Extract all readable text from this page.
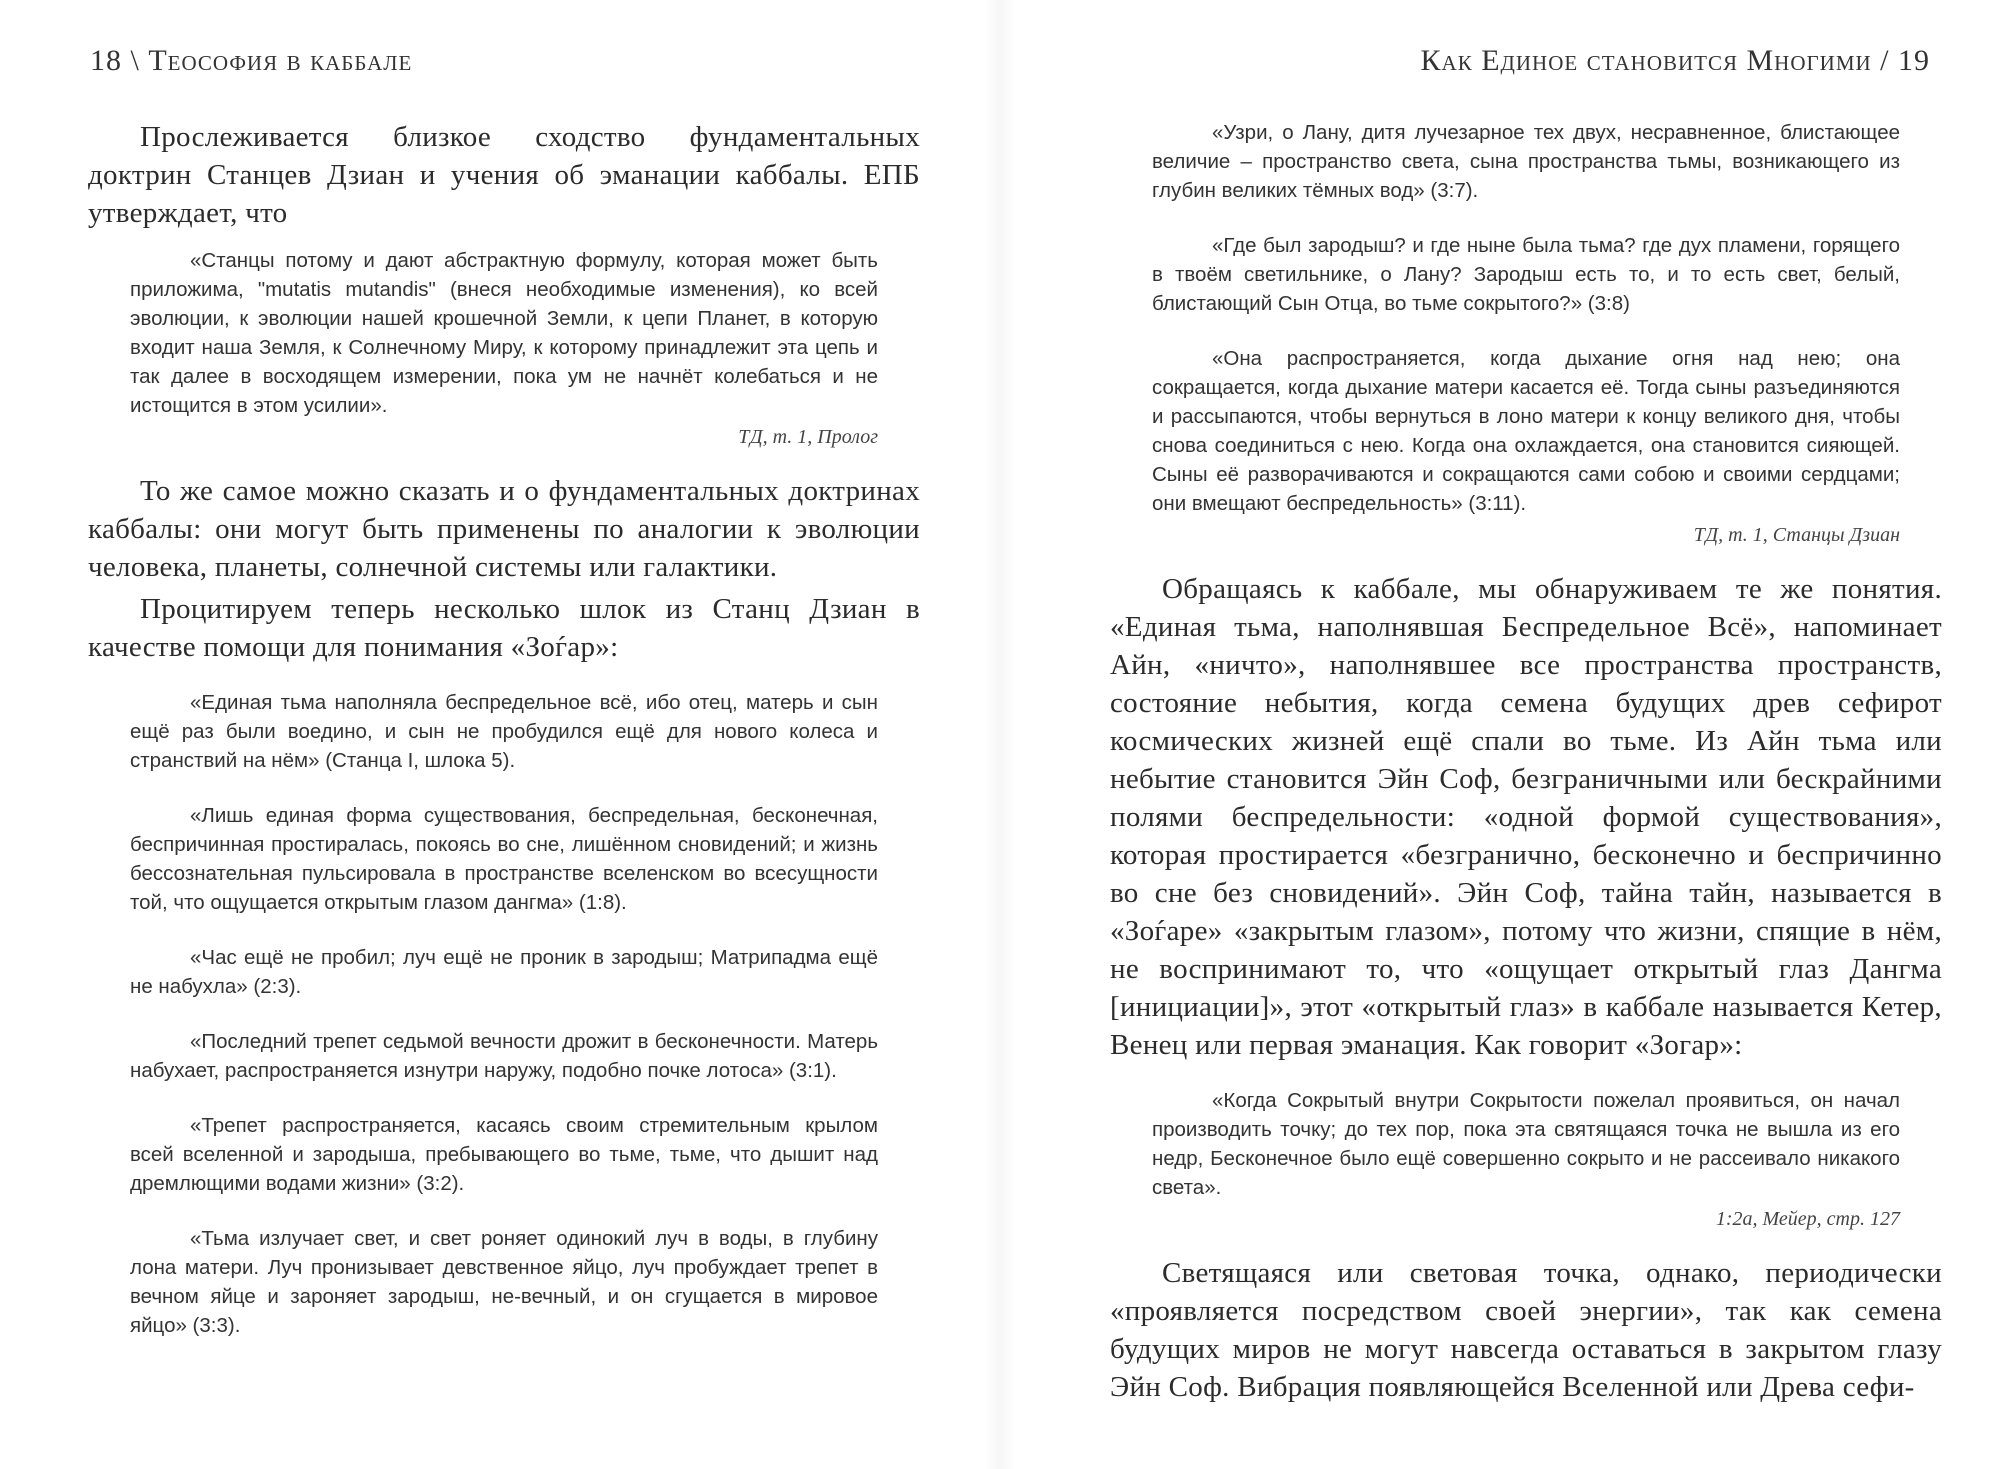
18 \ Теософия в каббале

Прослеживается близкое сходство фундаментальных доктрин Станцев Дзиан и учения об эманации каббалы. ЕПБ утверждает, что

«Станцы потому и дают абстрактную формулу, которая может быть приложима, "mutatis mutandis" (внеся необходимые изменения), ко всей эволюции, к эволюции нашей крошечной Земли, к цепи Планет, в которую входит наша Земля, к Солнечному Миру, к которому принадлежит эта цепь и так далее в восходящем измерении, пока ум не начнёт колебаться и не истощится в этом усилии».

ТД, т. 1, Пролог

То же самое можно сказать и о фундаментальных доктринах каббалы: они могут быть применены по аналогии к эволюции человека, планеты, солнечной системы или галактики.

Процитируем теперь несколько шлок из Станц Дзиан в качестве помощи для понимания «Зоѓар»:

«Единая тьма наполняла беспредельное всё, ибо отец, матерь и сын ещё раз были воедино, и сын не пробудился ещё для нового колеса и странствий на нём» (Станца I, шлока 5).

«Лишь единая форма существования, беспредельная, бесконечная, беспричинная простиралась, покоясь во сне, лишённом сновидений; и жизнь бессознательная пульсировала в пространстве вселенском во всесущности той, что ощущается открытым глазом дангма» (1:8).

«Час ещё не пробил; луч ещё не проник в зародыш; Матрипадма ещё не набухла» (2:3).

«Последний трепет седьмой вечности дрожит в бесконечности. Матерь набухает, распространяется изнутри наружу, подобно почке лотоса» (3:1).

«Трепет распространяется, касаясь своим стремительным крылом всей вселенной и зародыша, пребывающего во тьме, тьме, что дышит над дремлющими водами жизни» (3:2).

«Тьма излучает свет, и свет роняет одинокий луч в воды, в глубину лона матери. Луч пронизывает девственное яйцо, луч пробуждает трепет в вечном яйце и зароняет зародыш, не-вечный, и он сгущается в мировое яйцо» (3:3).

Как Единое становится Многими / 19

«Узри, о Лану, дитя лучезарное тех двух, несравненное, блистающее величие – пространство света, сына пространства тьмы, возникающего из глубин великих тёмных вод» (3:7).

«Где был зародыш? и где ныне была тьма? где дух пламени, горящего в твоём светильнике, о Лану? Зародыш есть то, и то есть свет, белый, блистающий Сын Отца, во тьме сокрытого?» (3:8)

«Она распространяется, когда дыхание огня над нею; она сокращается, когда дыхание матери касается её. Тогда сыны разъединяются и рассыпаются, чтобы вернуться в лоно матери к концу великого дня, чтобы снова соединиться с нею. Когда она охлаждается, она становится сияющей. Сыны её разворачиваются и сокращаются сами собою и своими сердцами; они вмещают беспредельность» (3:11).

ТД, т. 1, Станцы Дзиан

Обращаясь к каббале, мы обнаруживаем те же понятия. «Единая тьма, наполнявшая Беспредельное Всё», напоминает Айн, «ничто», наполнявшее все пространства пространств, состояние небытия, когда семена будущих древ сефирот космических жизней ещё спали во тьме. Из Айн тьма или небытие становится Эйн Соф, безграничными или бескрайними полями беспредельности: «одной формой существования», которая простирается «безгранично, бесконечно и беспричинно во сне без сновидений». Эйн Соф, тайна тайн, называется в «Зоѓаре» «закрытым глазом», потому что жизни, спящие в нём, не воспринимают то, что «ощущает открытый глаз Дангма [инициации]», этот «открытый глаз» в каббале называется Кетер, Венец или первая эманация. Как говорит «Зогар»:

«Когда Сокрытый внутри Сокрытости пожелал проявиться, он начал производить точку; до тех пор, пока эта святящаяся точка не вышла из его недр, Бесконечное было ещё совершенно сокрыто и не рассеивало никакого света».

1:2а, Мейер, стр. 127

Светящаяся или световая точка, однако, периодически «проявляется посредством своей энергии», так как семена будущих миров не могут навсегда оставаться в закрытом глазу Эйн Соф. Вибрация появляющейся Вселенной или Древа сефи-
